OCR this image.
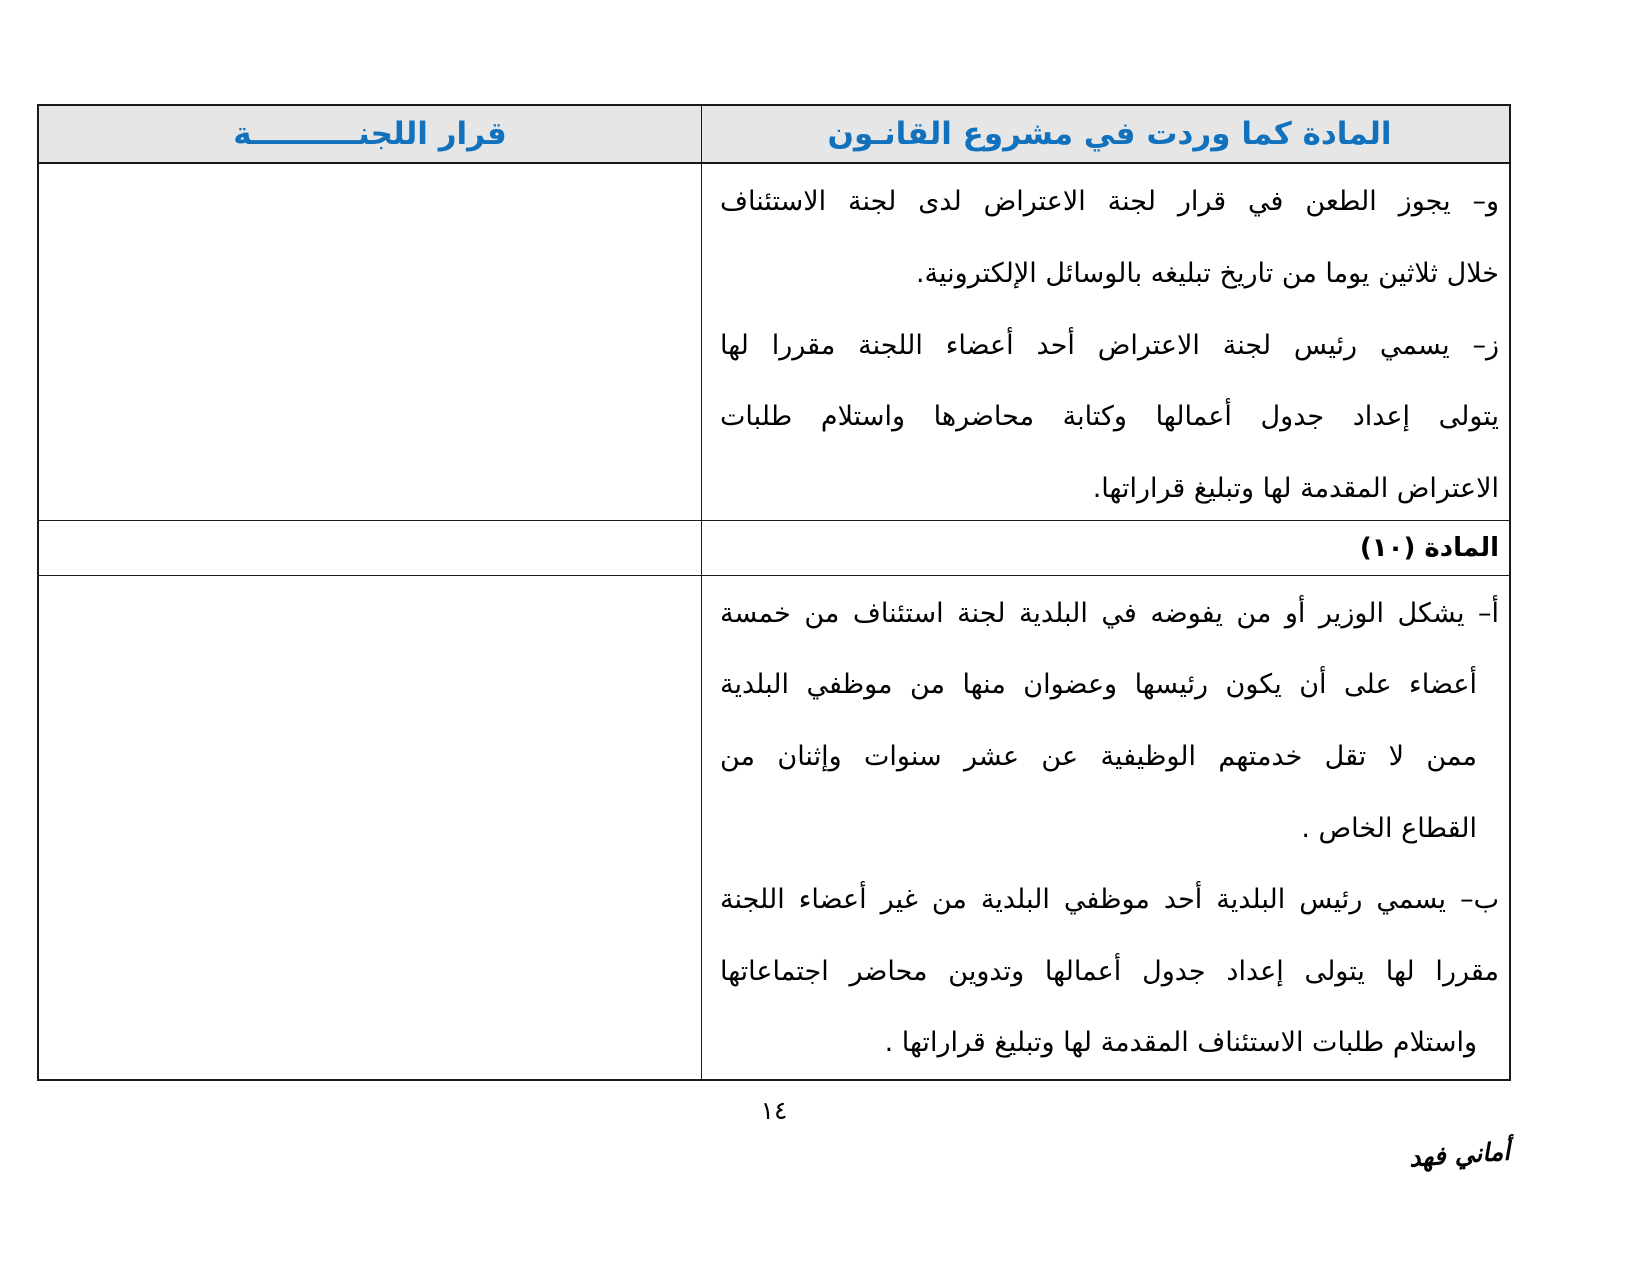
المادة كما وردت في مشروع القانـون
قرار اللجنــــــــــة
و– يجوز الطعن في قرار لجنة الاعتراض لدى لجنة الاستئناف
خلال ثلاثين يوما من تاريخ تبليغه بالوسائل الإلكترونية.
ز– يسمي رئيس لجنة الاعتراض أحد أعضاء اللجنة مقررا لها
يتولى إعداد جدول أعمالها وكتابة محاضرها واستلام طلبات
الاعتراض المقدمة لها وتبليغ قراراتها.
المادة (١٠)
أ– يشكل الوزير أو من يفوضه في البلدية لجنة استئناف من خمسة
أعضاء على أن يكون رئيسها وعضوان منها من موظفي البلدية
ممن لا تقل خدمتهم الوظيفية عن عشر سنوات وإثنان من
القطاع الخاص .
ب– يسمي رئيس البلدية أحد موظفي البلدية من غير أعضاء اللجنة
مقررا لها يتولى إعداد جدول أعمالها وتدوين محاضر اجتماعاتها
واستلام طلبات الاستئناف المقدمة لها وتبليغ قراراتها .
١٤
أماني فهد
